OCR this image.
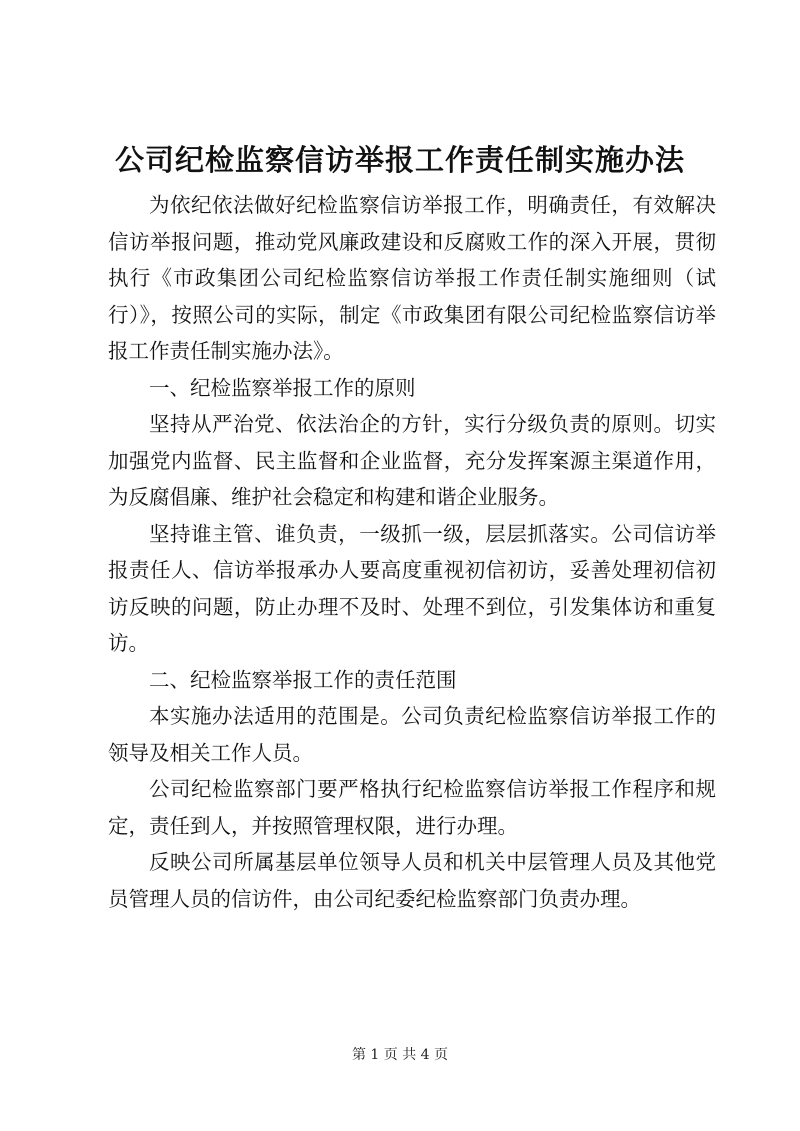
公司纪检监察信访举报工作责任制实施办法

为依纪依法做好纪检监察信访举报工作，明确责任，有效解决信访举报问题，推动党风廉政建设和反腐败工作的深入开展，贯彻执行《市政集团公司纪检监察信访举报工作责任制实施细则（试行）》，按照公司的实际，制定《市政集团有限公司纪检监察信访举报工作责任制实施办法》。

一、纪检监察举报工作的原则

坚持从严治党、依法治企的方针，实行分级负责的原则。切实加强党内监督、民主监督和企业监督，充分发挥案源主渠道作用，为反腐倡廉、维护社会稳定和构建和谐企业服务。

坚持谁主管、谁负责，一级抓一级，层层抓落实。公司信访举报责任人、信访举报承办人要高度重视初信初访，妥善处理初信初访反映的问题，防止办理不及时、处理不到位，引发集体访和重复访。

二、纪检监察举报工作的责任范围

本实施办法适用的范围是。公司负责纪检监察信访举报工作的领导及相关工作人员。

公司纪检监察部门要严格执行纪检监察信访举报工作程序和规定，责任到人，并按照管理权限，进行办理。

反映公司所属基层单位领导人员和机关中层管理人员及其他党员管理人员的信访件，由公司纪委纪检监察部门负责办理。

第 1 页 共 4 页
